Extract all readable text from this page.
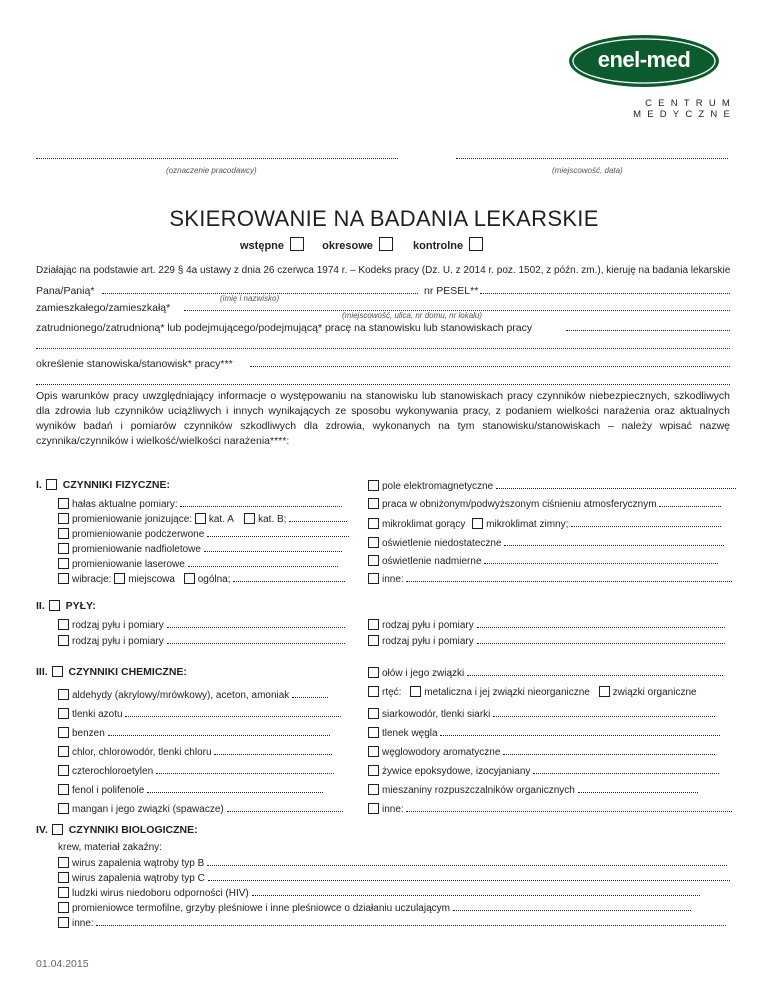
enel-med
CENTRUM MEDYCZNE
(oznaczenie pracodawcy)	(miejscowość, data)
SKIEROWANIE NA BADANIA LEKARSKIE
wstępne	okresowe	kontrolne
Działając na podstawie art. 229 § 4a ustawy z dnia 26 czerwca 1974 r. – Kodeks pracy (Dz. U. z 2014 r. poz. 1502, z późn. zm.), kieruję na badania lekarskie
Pana/Panią*
(imię i nazwisko)
nr PESEL**
zamieszkałego/zamieszkałą*
(miejscowość, ulica, nr domu, nr lokalu)
zatrudnionego/zatrudnioną* lub podejmującego/podejmującą* pracę na stanowisku lub stanowiskach pracy
określenie stanowiska/stanowisk* pracy***
Opis warunków pracy uwzględniający informacje o występowaniu na stanowisku lub stanowiskach pracy czynników niebezpiecznych, szkodliwych dla zdrowia lub czynników uciążliwych i innych wynikających ze sposobu wykonywania pracy, z podaniem wielkości narażenia oraz aktualnych wyników badań i pomiarów czynników szkodliwych dla zdrowia, wykonanych na tym stanowisku/stanowiskach – należy wpisać nazwę czynnika/czynników i wielkość/wielkości narażenia****:
I. CZYNNIKI FIZYCZNE:
hałas aktualne pomiary:
promieniowanie jonizujące: kat. A kat. B;
promieniowanie podczerwone
promieniowanie nadfioletowe
promieniowanie laserowe
wibracje: miejscowa ogólna;
pole elektromagnetyczne
praca w obniżonym/podwyższonym ciśnieniu atmosferycznym
mikroklimat gorący mikroklimat zimny;
oświetlenie niedostateczne
oświetlenie nadmierne
inne:
II. PYŁY:
rodzaj pyłu i pomiary
rodzaj pyłu i pomiary
rodzaj pyłu i pomiary
rodzaj pyłu i pomiary
III. CZYNNIKI CHEMICZNE:
aldehydy (akrylowy/mrówkowy), aceton, amoniak
tlenki azotu
benzen
chlor, chlorowodór, tlenki chloru
czterochloroetylen
fenol i polifenole
mangan i jego związki (spawacze)
ołów i jego związki
rtęć: metaliczna i jej związki nieorganiczne związki organiczne
siarkowodór, tlenki siarki
tlenek węgla
węglowodory aromatyczne
żywice epoksydowe, izocyjaniany
mieszaniny rozpuszczalników organicznych
inne:
IV. CZYNNIKI BIOLOGICZNE:
krew, materiał zakaźny:
wirus zapalenia wątroby typ B
wirus zapalenia wątroby typ C
ludzki wirus niedoboru odporności (HIV)
promieniowce termofilne, grzyby pleśniowe i inne pleśniowce o działaniu uczulającym
inne:
01.04.2015
